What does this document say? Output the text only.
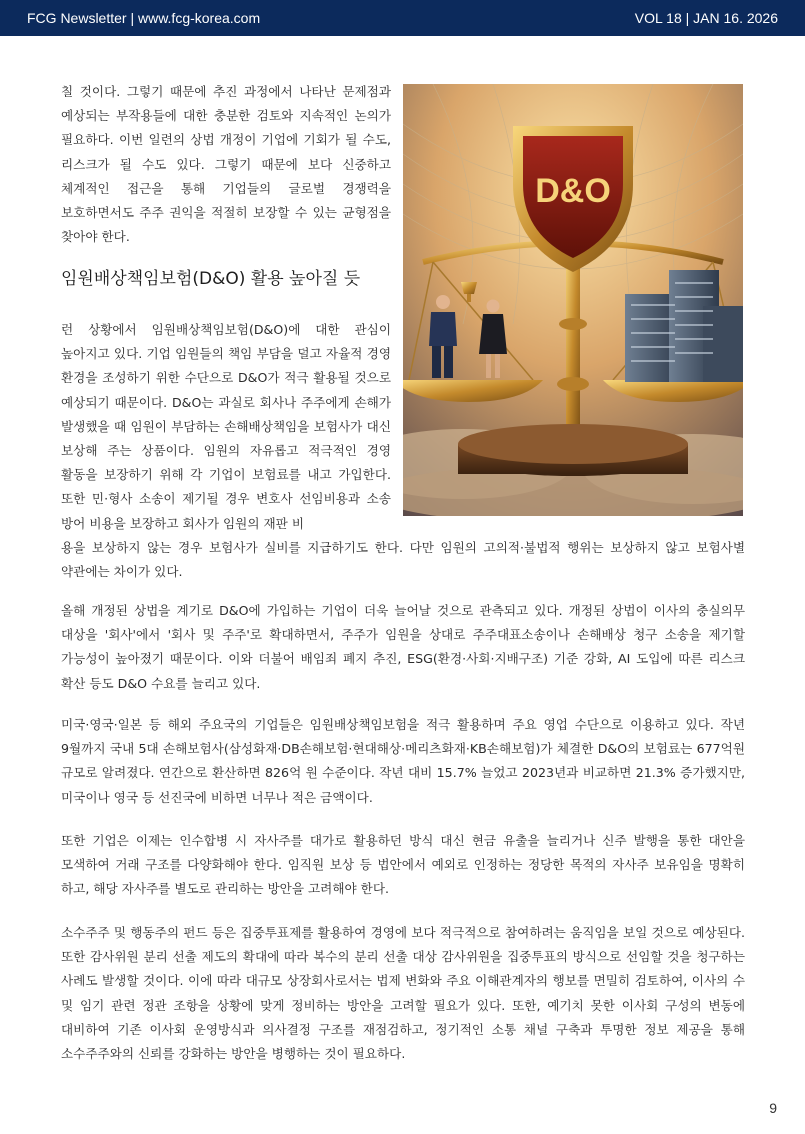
FCG Newsletter | www.fcg-korea.com	VOL 18 | JAN 16. 2026

칠 것이다. 그렇기 때문에 추진 과정에서 나타난 문제점과 예상되는 부작용들에 대한 충분한 검토와 지속적인 논의가 필요하다. 이번 일련의 상법 개정이 기업에 기회가 될 수도, 리스크가 될 수도 있다. 그렇기 때문에 보다 신중하고 체계적인 접근을 통해 기업들의 글로벌 경쟁력을 보호하면서도 주주 권익을 적절히 보장할 수 있는 균형점을 찾아야 한다.

임원배상책임보험(D&O) 활용 높아질 듯

런 상황에서 임원배상책임보험(D&O)에 대한 관심이 높아지고 있다. 기업 임원들의 책임 부담을 덜고 자율적 경영 환경을 조성하기 위한 수단으로 D&O가 적극 활용될 것으로 예상되기 때문이다. D&O는 과실로 회사나 주주에게 손해가 발생했을 때 임원이 부담하는 손해배상책임을 보험사가 대신 보상해 주는 상품이다. 임원의 자유롭고 적극적인 경영 활동을 보장하기 위해 각 기업이 보험료를 내고 가입한다. 또한 민·형사 소송이 제기될 경우 변호사 선임비용과 소송 방어 비용을 보장하고 회사가 임원의 재판 비

용을 보상하지 않는 경우 보험사가 실비를 지급하기도 한다. 다만 임원의 고의적·불법적 행위는 보상하지 않고 보험사별 약관에는 차이가 있다.

올해 개정된 상법을 계기로 D&O에 가입하는 기업이 더욱 늘어날 것으로 관측되고 있다. 개정된 상법이 이사의 충실의무 대상을 '회사'에서 '회사 및 주주'로 확대하면서, 주주가 임원을 상대로 주주대표소송이나 손해배상 청구 소송을 제기할 가능성이 높아졌기 때문이다. 이와 더불어 배임죄 폐지 추진, ESG(환경·사회·지배구조) 기준 강화, AI 도입에 따른 리스크 확산 등도 D&O 수요를 늘리고 있다.

미국·영국·일본 등 해외 주요국의 기업들은 임원배상책임보험을 적극 활용하며 주요 영업 수단으로 이용하고 있다. 작년 9월까지 국내 5대 손해보험사(삼성화재·DB손해보험·현대해상·메리츠화재·KB손해보험)가 체결한 D&O의 보험료는 677억원 규모로 알려졌다. 연간으로 환산하면 826억 원 수준이다. 작년 대비 15.7% 늘었고 2023년과 비교하면 21.3% 증가했지만, 미국이나 영국 등 선진국에 비하면 너무나 적은 금액이다.

또한 기업은 이제는 인수합병 시 자사주를 대가로 활용하던 방식 대신 현금 유출을 늘리거나 신주 발행을 통한 대안을 모색하여 거래 구조를 다양화해야 한다. 임직원 보상 등 법안에서 예외로 인정하는 정당한 목적의 자사주 보유임을 명확히 하고, 해당 자사주를 별도로 관리하는 방안을 고려해야 한다.

소수주주 및 행동주의 펀드 등은 집중투표제를 활용하여 경영에 보다 적극적으로 참여하려는 움직임을 보일 것으로 예상된다. 또한 감사위원 분리 선출 제도의 확대에 따라 복수의 분리 선출 대상 감사위원을 집중투표의 방식으로 선임할 것을 청구하는 사례도 발생할 것이다. 이에 따라 대규모 상장회사로서는 법제 변화와 주요 이해관계자의 행보를 면밀히 검토하여, 이사의 수 및 임기 관련 정관 조항을 상황에 맞게 정비하는 방안을 고려할 필요가 있다. 또한, 예기치 못한 이사회 구성의 변동에 대비하여 기존 이사회 운영방식과 의사결정 구조를 재점검하고, 정기적인 소통 채널 구축과 투명한 정보 제공을 통해 소수주주와의 신뢰를 강화하는 방안을 병행하는 것이 필요하다.

D&O
9
